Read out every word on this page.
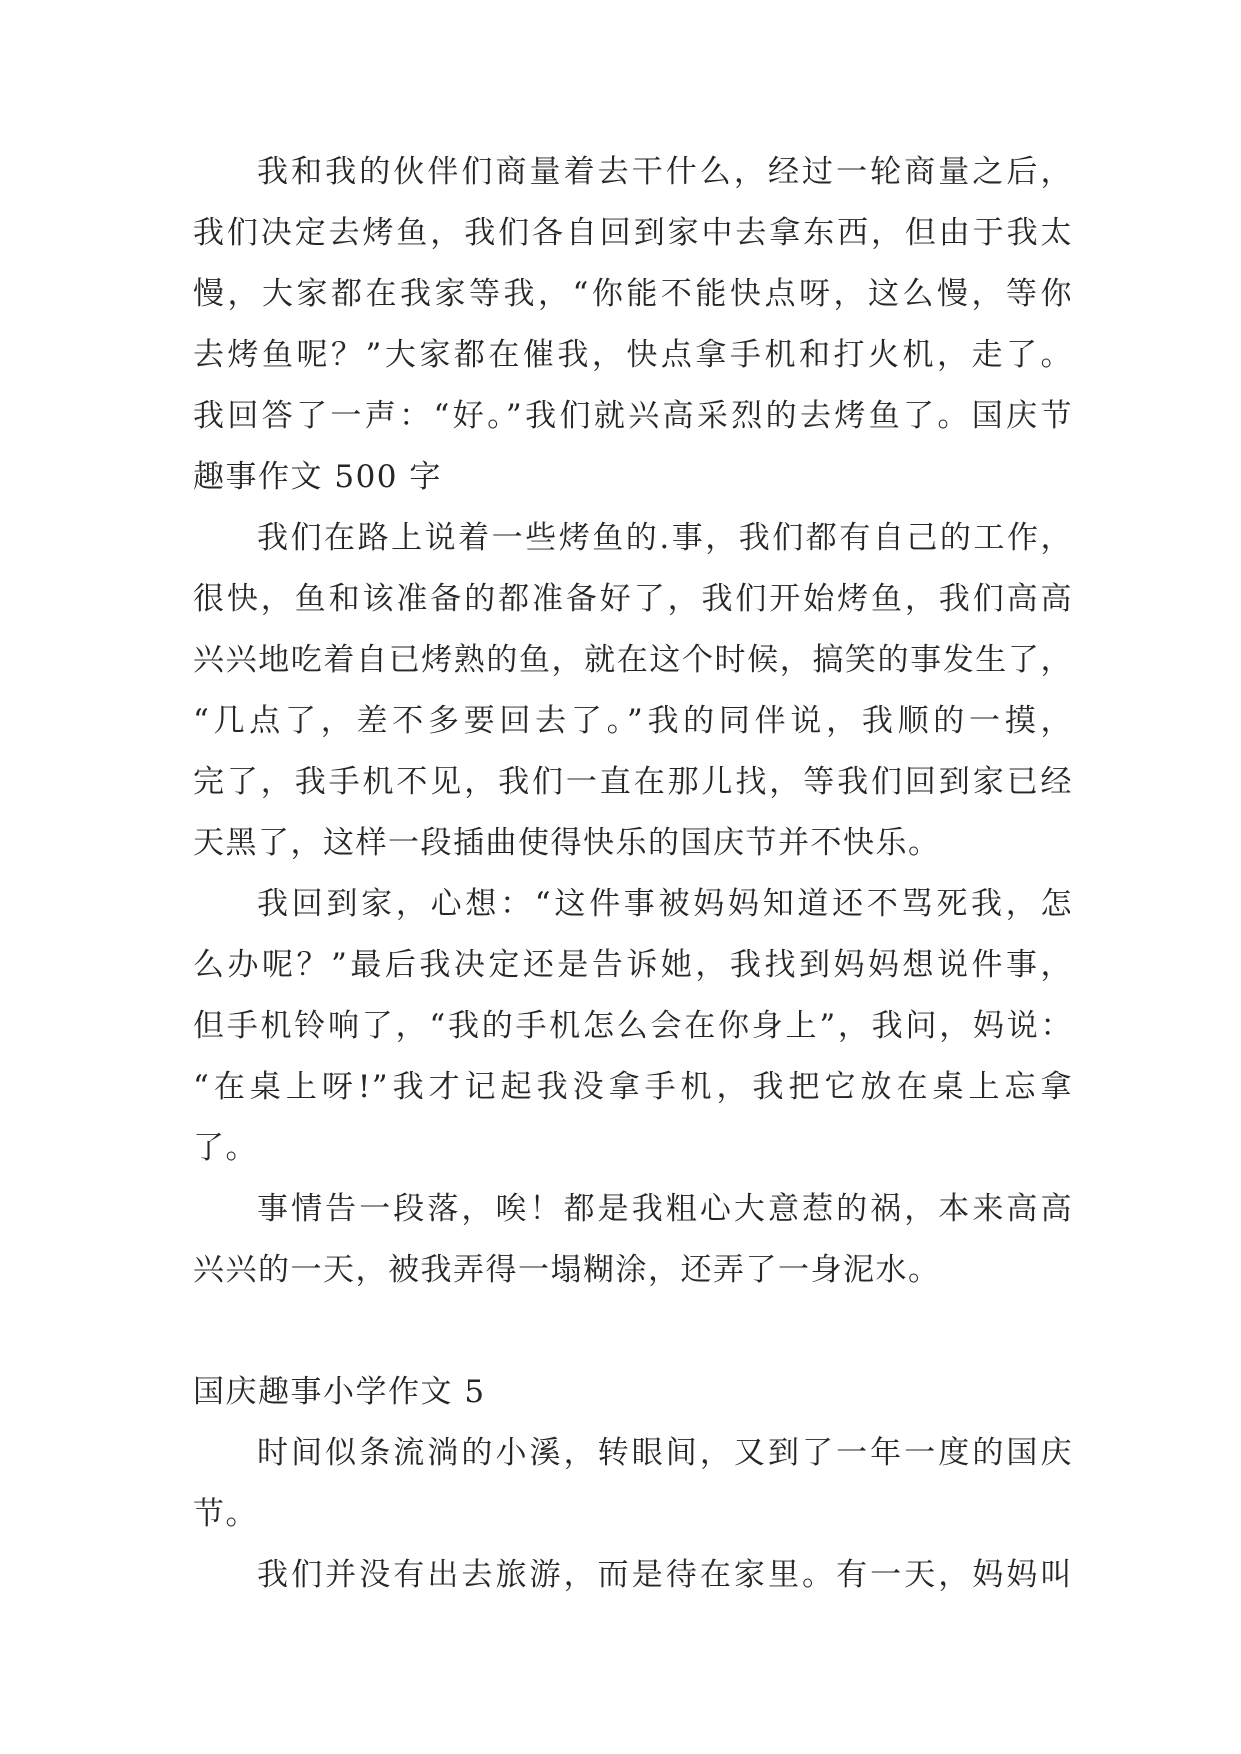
我和我的伙伴们商量着去干什么，经过一轮商量之后，
我们决定去烤鱼，我们各自回到家中去拿东西，但由于我太
慢，大家都在我家等我，“你能不能快点呀，这么慢，等你
去烤鱼呢？”大家都在催我，快点拿手机和打火机，走了。
我回答了一声：“好。”我们就兴高采烈的去烤鱼了。国庆节
趣事作文 500 字
我们在路上说着一些烤鱼的.事，我们都有自己的工作，
很快，鱼和该准备的都准备好了，我们开始烤鱼，我们高高
兴兴地吃着自已烤熟的鱼，就在这个时候，搞笑的事发生了，
“几点了，差不多要回去了。”我的同伴说，我顺的一摸，
完了，我手机不见，我们一直在那儿找，等我们回到家已经
天黑了，这样一段插曲使得快乐的国庆节并不快乐。
我回到家，心想：“这件事被妈妈知道还不骂死我，怎
么办呢？”最后我决定还是告诉她，我找到妈妈想说件事，
但手机铃响了，“我的手机怎么会在你身上”，我问，妈说：
“在桌上呀!”我才记起我没拿手机，我把它放在桌上忘拿
了。
事情告一段落，唉！都是我粗心大意惹的祸，本来高高
兴兴的一天，被我弄得一塌糊涂，还弄了一身泥水。
国庆趣事小学作文 5
时间似条流淌的小溪，转眼间，又到了一年一度的国庆
节。
我们并没有出去旅游，而是待在家里。有一天，妈妈叫
